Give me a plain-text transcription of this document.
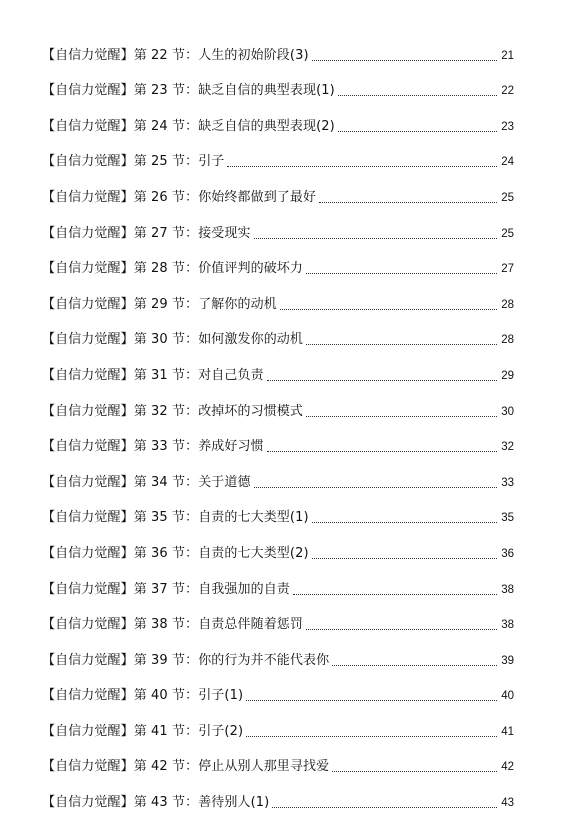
【自信力觉醒】第 22 节：人生的初始阶段(3)	21
【自信力觉醒】第 23 节：缺乏自信的典型表现(1)	22
【自信力觉醒】第 24 节：缺乏自信的典型表现(2)	23
【自信力觉醒】第 25 节：引子	24
【自信力觉醒】第 26 节：你始终都做到了最好	25
【自信力觉醒】第 27 节：接受现实	25
【自信力觉醒】第 28 节：价值评判的破坏力	27
【自信力觉醒】第 29 节：了解你的动机	28
【自信力觉醒】第 30 节：如何激发你的动机	28
【自信力觉醒】第 31 节：对自己负责	29
【自信力觉醒】第 32 节：改掉坏的习惯模式	30
【自信力觉醒】第 33 节：养成好习惯	32
【自信力觉醒】第 34 节：关于道德	33
【自信力觉醒】第 35 节：自责的七大类型(1)	35
【自信力觉醒】第 36 节：自责的七大类型(2)	36
【自信力觉醒】第 37 节：自我强加的自责	38
【自信力觉醒】第 38 节：自责总伴随着惩罚	38
【自信力觉醒】第 39 节：你的行为并不能代表你	39
【自信力觉醒】第 40 节：引子(1)	40
【自信力觉醒】第 41 节：引子(2)	41
【自信力觉醒】第 42 节：停止从别人那里寻找爱	42
【自信力觉醒】第 43 节：善待别人(1)	43
